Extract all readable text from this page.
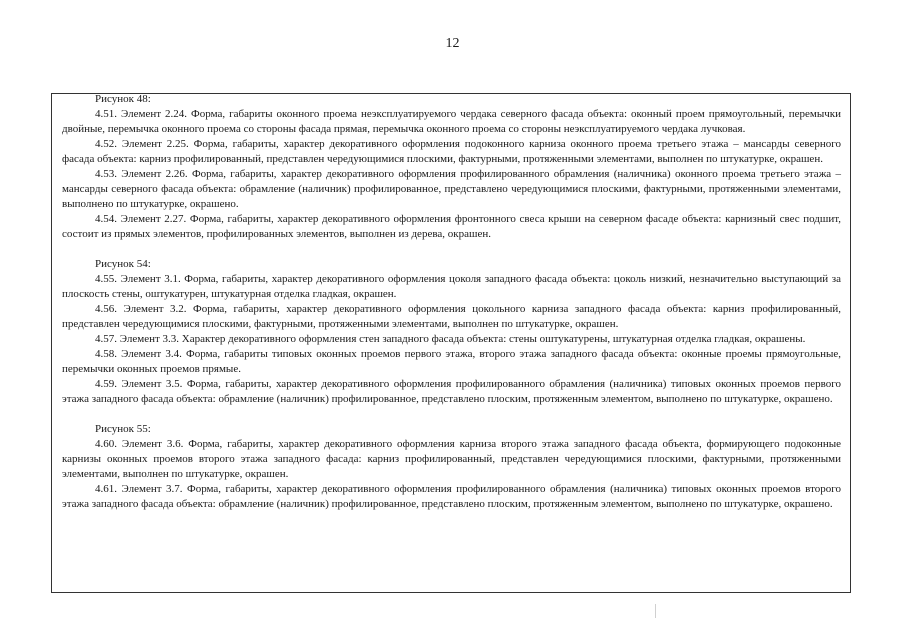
12

Рисунок 48:

4.51. Элемент 2.24. Форма, габариты оконного проема неэксплуатируемого чердака северного фасада объекта: оконный проем прямоугольный, перемычки двойные, перемычка оконного проема со стороны фасада прямая, перемычка оконного проема со стороны неэксплуатируемого чердака лучковая.

4.52. Элемент 2.25. Форма, габариты, характер декоративного оформления подоконного карниза оконного проема третьего этажа – мансарды северного фасада объекта: карниз профилированный, представлен чередующимися плоскими, фактурными, протяженными элементами, выполнен по штукатурке, окрашен.

4.53. Элемент 2.26. Форма, габариты, характер декоративного оформления профилированного обрамления (наличника) оконного проема третьего этажа – мансарды северного фасада объекта: обрамление (наличник) профилированное, представлено чередующимися плоскими, фактурными, протяженными элементами, выполнено по штукатурке, окрашено.

4.54. Элемент 2.27. Форма, габариты, характер декоративного оформления фронтонного свеса крыши на северном фасаде объекта: карнизный свес подшит, состоит из прямых элементов, профилированных элементов, выполнен из дерева, окрашен.

Рисунок 54:

4.55. Элемент 3.1. Форма, габариты, характер декоративного оформления цоколя западного фасада объекта: цоколь низкий, незначительно выступающий за плоскость стены, оштукатурен, штукатурная отделка гладкая, окрашен.

4.56. Элемент 3.2. Форма, габариты, характер декоративного оформления цокольного карниза западного фасада объекта: карниз профилированный, представлен чередующимися плоскими, фактурными, протяженными элементами, выполнен по штукатурке, окрашен.

4.57. Элемент 3.3. Характер декоративного оформления стен западного фасада объекта: стены оштукатурены, штукатурная отделка гладкая, окрашены.

4.58. Элемент 3.4. Форма, габариты типовых оконных проемов первого этажа, второго этажа западного фасада объекта: оконные проемы прямоугольные, перемычки оконных проемов прямые.

4.59. Элемент 3.5. Форма, габариты, характер декоративного оформления профилированного обрамления (наличника) типовых оконных проемов первого этажа западного фасада объекта: обрамление (наличник) профилированное, представлено плоским, протяженным элементом, выполнено по штукатурке, окрашено.

Рисунок 55:

4.60. Элемент 3.6. Форма, габариты, характер декоративного оформления карниза второго этажа западного фасада объекта, формирующего подоконные карнизы оконных проемов второго этажа западного фасада: карниз профилированный, представлен чередующимися плоскими, фактурными, протяженными элементами, выполнен по штукатурке, окрашен.

4.61. Элемент 3.7. Форма, габариты, характер декоративного оформления профилированного обрамления (наличника) типовых оконных проемов второго этажа западного фасада объекта: обрамление (наличник) профилированное, представлено плоским, протяженным элементом, выполнено по штукатурке, окрашено.
